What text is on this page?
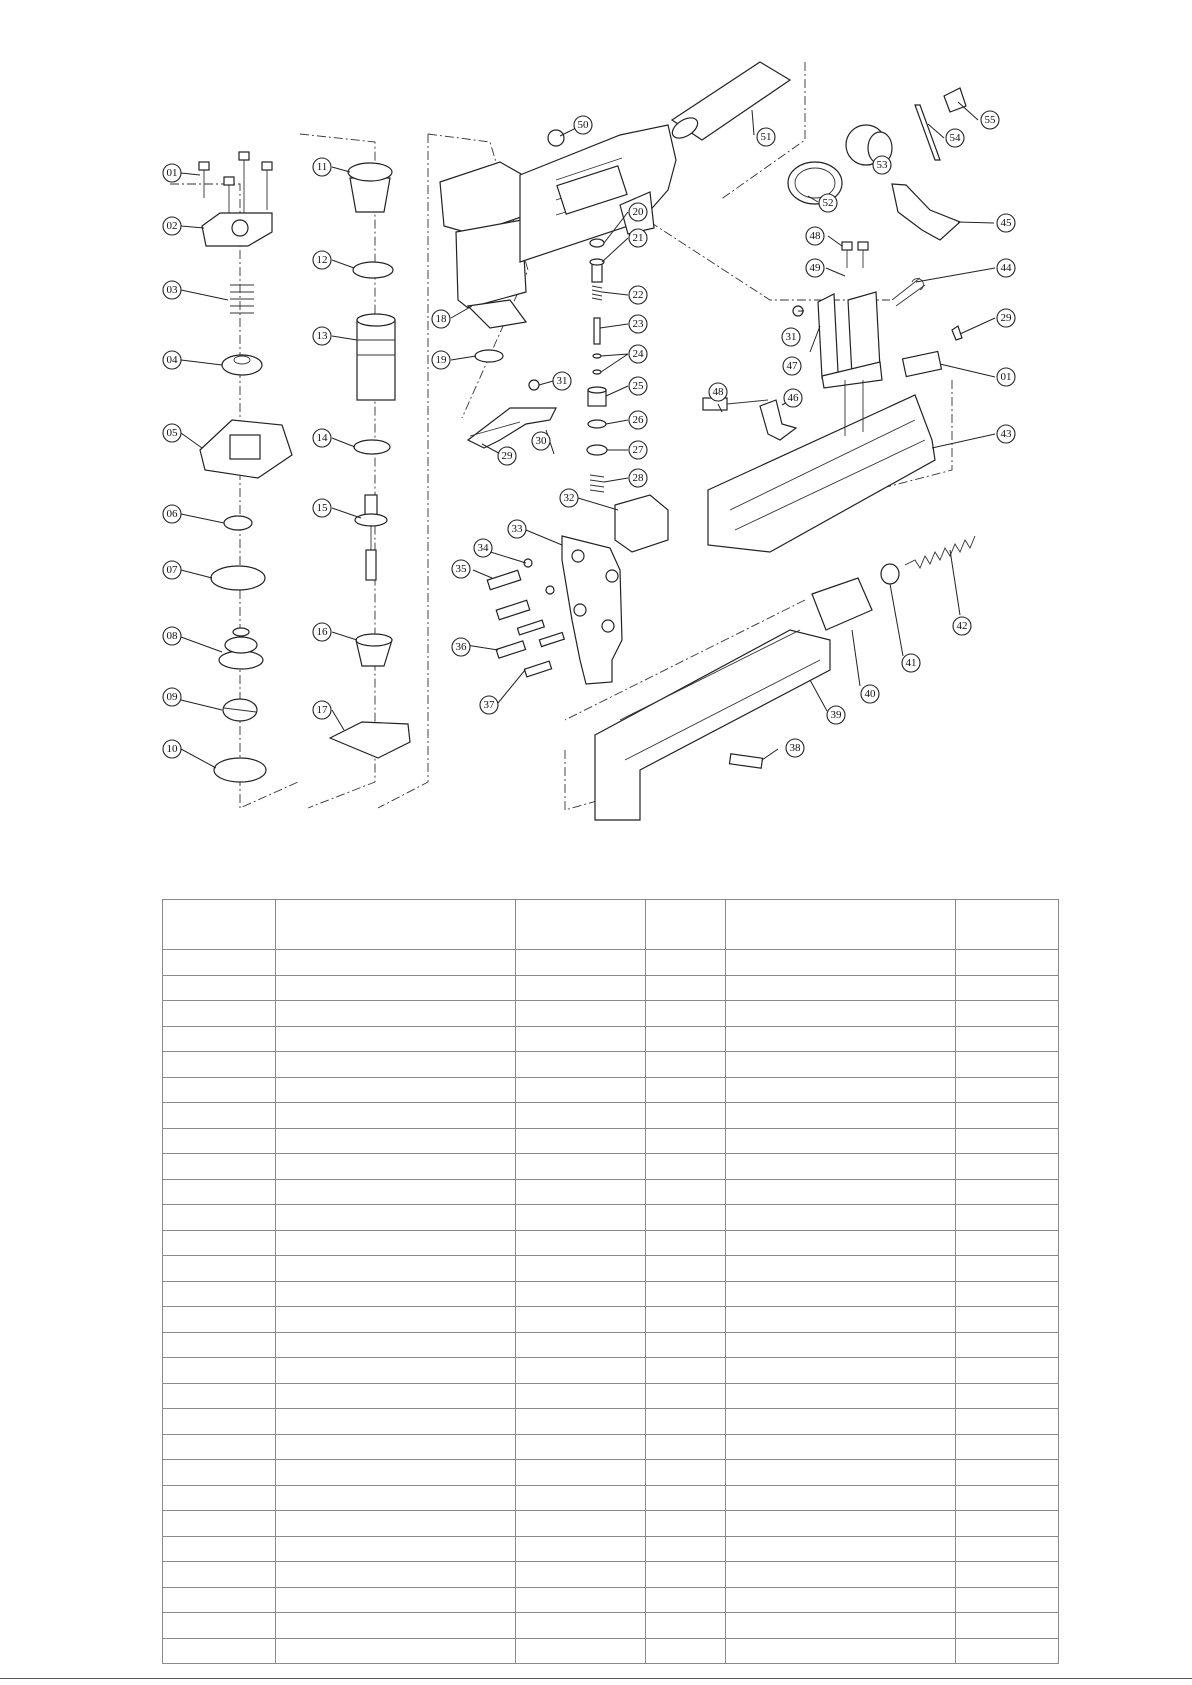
01
02
03
04
05
06
07
08
09
10
11
12
13
14
15
16
17
18
19
20
21
22
23
24
25
26
27
28
29
30
31
32
33
34
35
36
37
38
39
40
41
42
43
44
45
46
47
48
49
50
51
52
53
54
55
48
31
29
01
